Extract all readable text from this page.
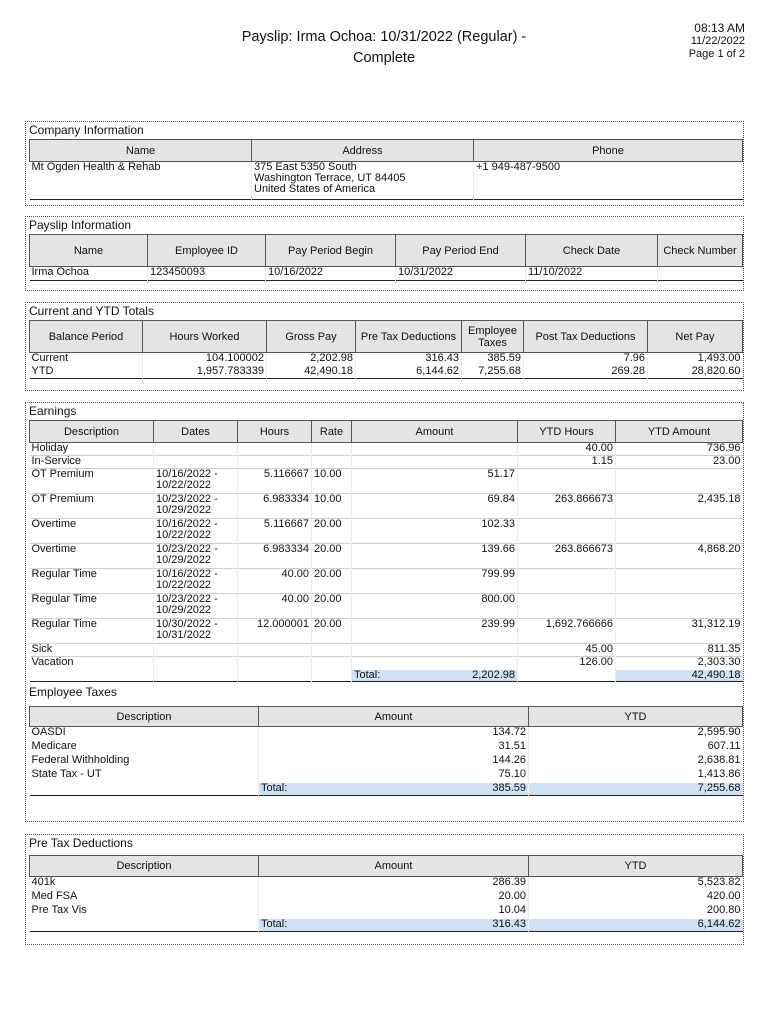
Payslip: Irma Ochoa: 10/31/2022 (Regular) -
Complete
08:13 AM
11/22/2022
Page 1 of 2
Company Information
Name	Address	Phone
Mt Ogden Health & Rehab	375 East 5350 South
Washington Terrace, UT 84405
United States of America	+1 949-487-9500
Payslip Information
Name	Employee ID	Pay Period Begin	Pay Period End	Check Date	Check Number
Irma Ochoa	123450093	10/16/2022	10/31/2022	11/10/2022	
Current and YTD Totals
Balance Period	Hours Worked	Gross Pay	Pre Tax Deductions	Employee Taxes	Post Tax Deductions	Net Pay
Current	104.100002	2,202.98	316.43	385.59	7.96	1,493.00
YTD	1,957.783339	42,490.18	6,144.62	7,255.68	269.28	28,820.60
Earnings
Description	Dates	Hours	Rate	Amount	YTD Hours	YTD Amount
Holiday					40.00	736.96
In-Service					1.15	23.00
OT Premium	10/16/2022 -
10/22/2022	5.116667	10.00	51.17		
OT Premium	10/23/2022 -
10/29/2022	6.983334	10.00	69.84	263.866673	2,435.18
Overtime	10/16/2022 -
10/22/2022	5.116667	20.00	102.33		
Overtime	10/23/2022 -
10/29/2022	6.983334	20.00	139.66	263.866673	4,868.20
Regular Time	10/16/2022 -
10/22/2022	40.00	20.00	799.99		
Regular Time	10/23/2022 -
10/29/2022	40.00	20.00	800.00		
Regular Time	10/30/2022 -
10/31/2022	12.000001	20.00	239.99	1,692.766666	31,312.19
Sick					45.00	811.35
Vacation					126.00	2,303.30
				Total: 2,202.98		42,490.18
Employee Taxes
Description	Amount	YTD
OASDI	134.72	2,595.90
Medicare	31.51	607.11
Federal Withholding	144.26	2,638.81
State Tax - UT	75.10	1,413.86
	Total: 385.59	7,255.68
Pre Tax Deductions
Description	Amount	YTD
401k	286.39	5,523.82
Med FSA	20.00	420.00
Pre Tax Vis	10.04	200.80
	Total: 316.43	6,144.62
